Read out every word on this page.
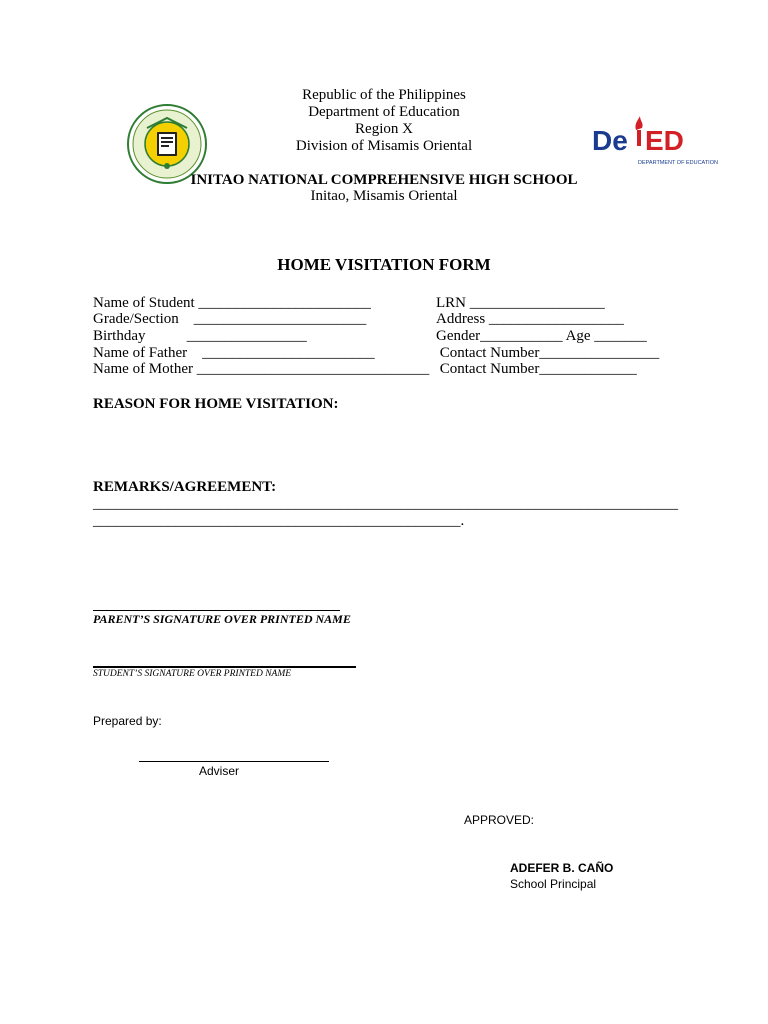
De ED
DEPARTMENT OF EDUCATION

Republic of the Philippines
Department of Education
Region X
Division of Misamis Oriental
INITAO NATIONAL COMPREHENSIVE HIGH SCHOOL
Initao, Misamis Oriental
HOME VISITATION FORM
Name of Student _______________________
Grade/Section    _______________________
Birthday           ________________
Name of Father    _______________________
Name of Mother _______________________________
LRN __________________
Address __________________
Gender___________ Age _______
Contact Number________________
Contact Number_____________
REASON FOR HOME VISITATION:
REMARKS/AGREEMENT:
______________________________________________________________________________
_________________________________________________.
PARENT’S SIGNATURE OVER PRINTED NAME
STUDENT’S SIGNATURE OVER PRINTED NAME
Prepared by:
Adviser
APPROVED:
ADEFER B. CAÑO
School Principal
